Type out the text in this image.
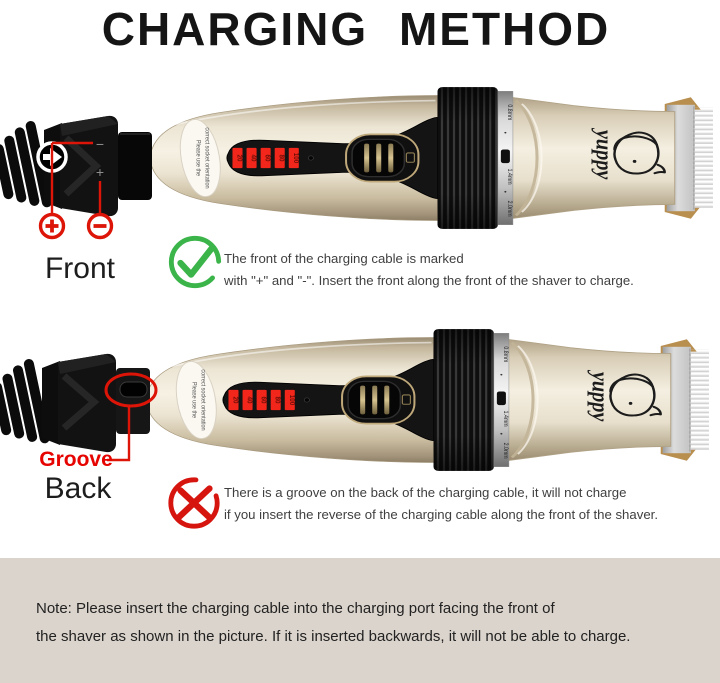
CHARGING METHOD
−
+
Front	The front of the charging cable is marked
with "+" and "-". Insert the front along the front of the shaver to charge.
Groove
Back	There is a groove on the back of the charging cable, it will not charge
if you insert the reverse of the charging cable along the front of the shaver.
Note: Please insert the charging cable into the charging port facing the front of
the shaver as shown in the picture. If it is inserted backwards, it will not be able to charge.
